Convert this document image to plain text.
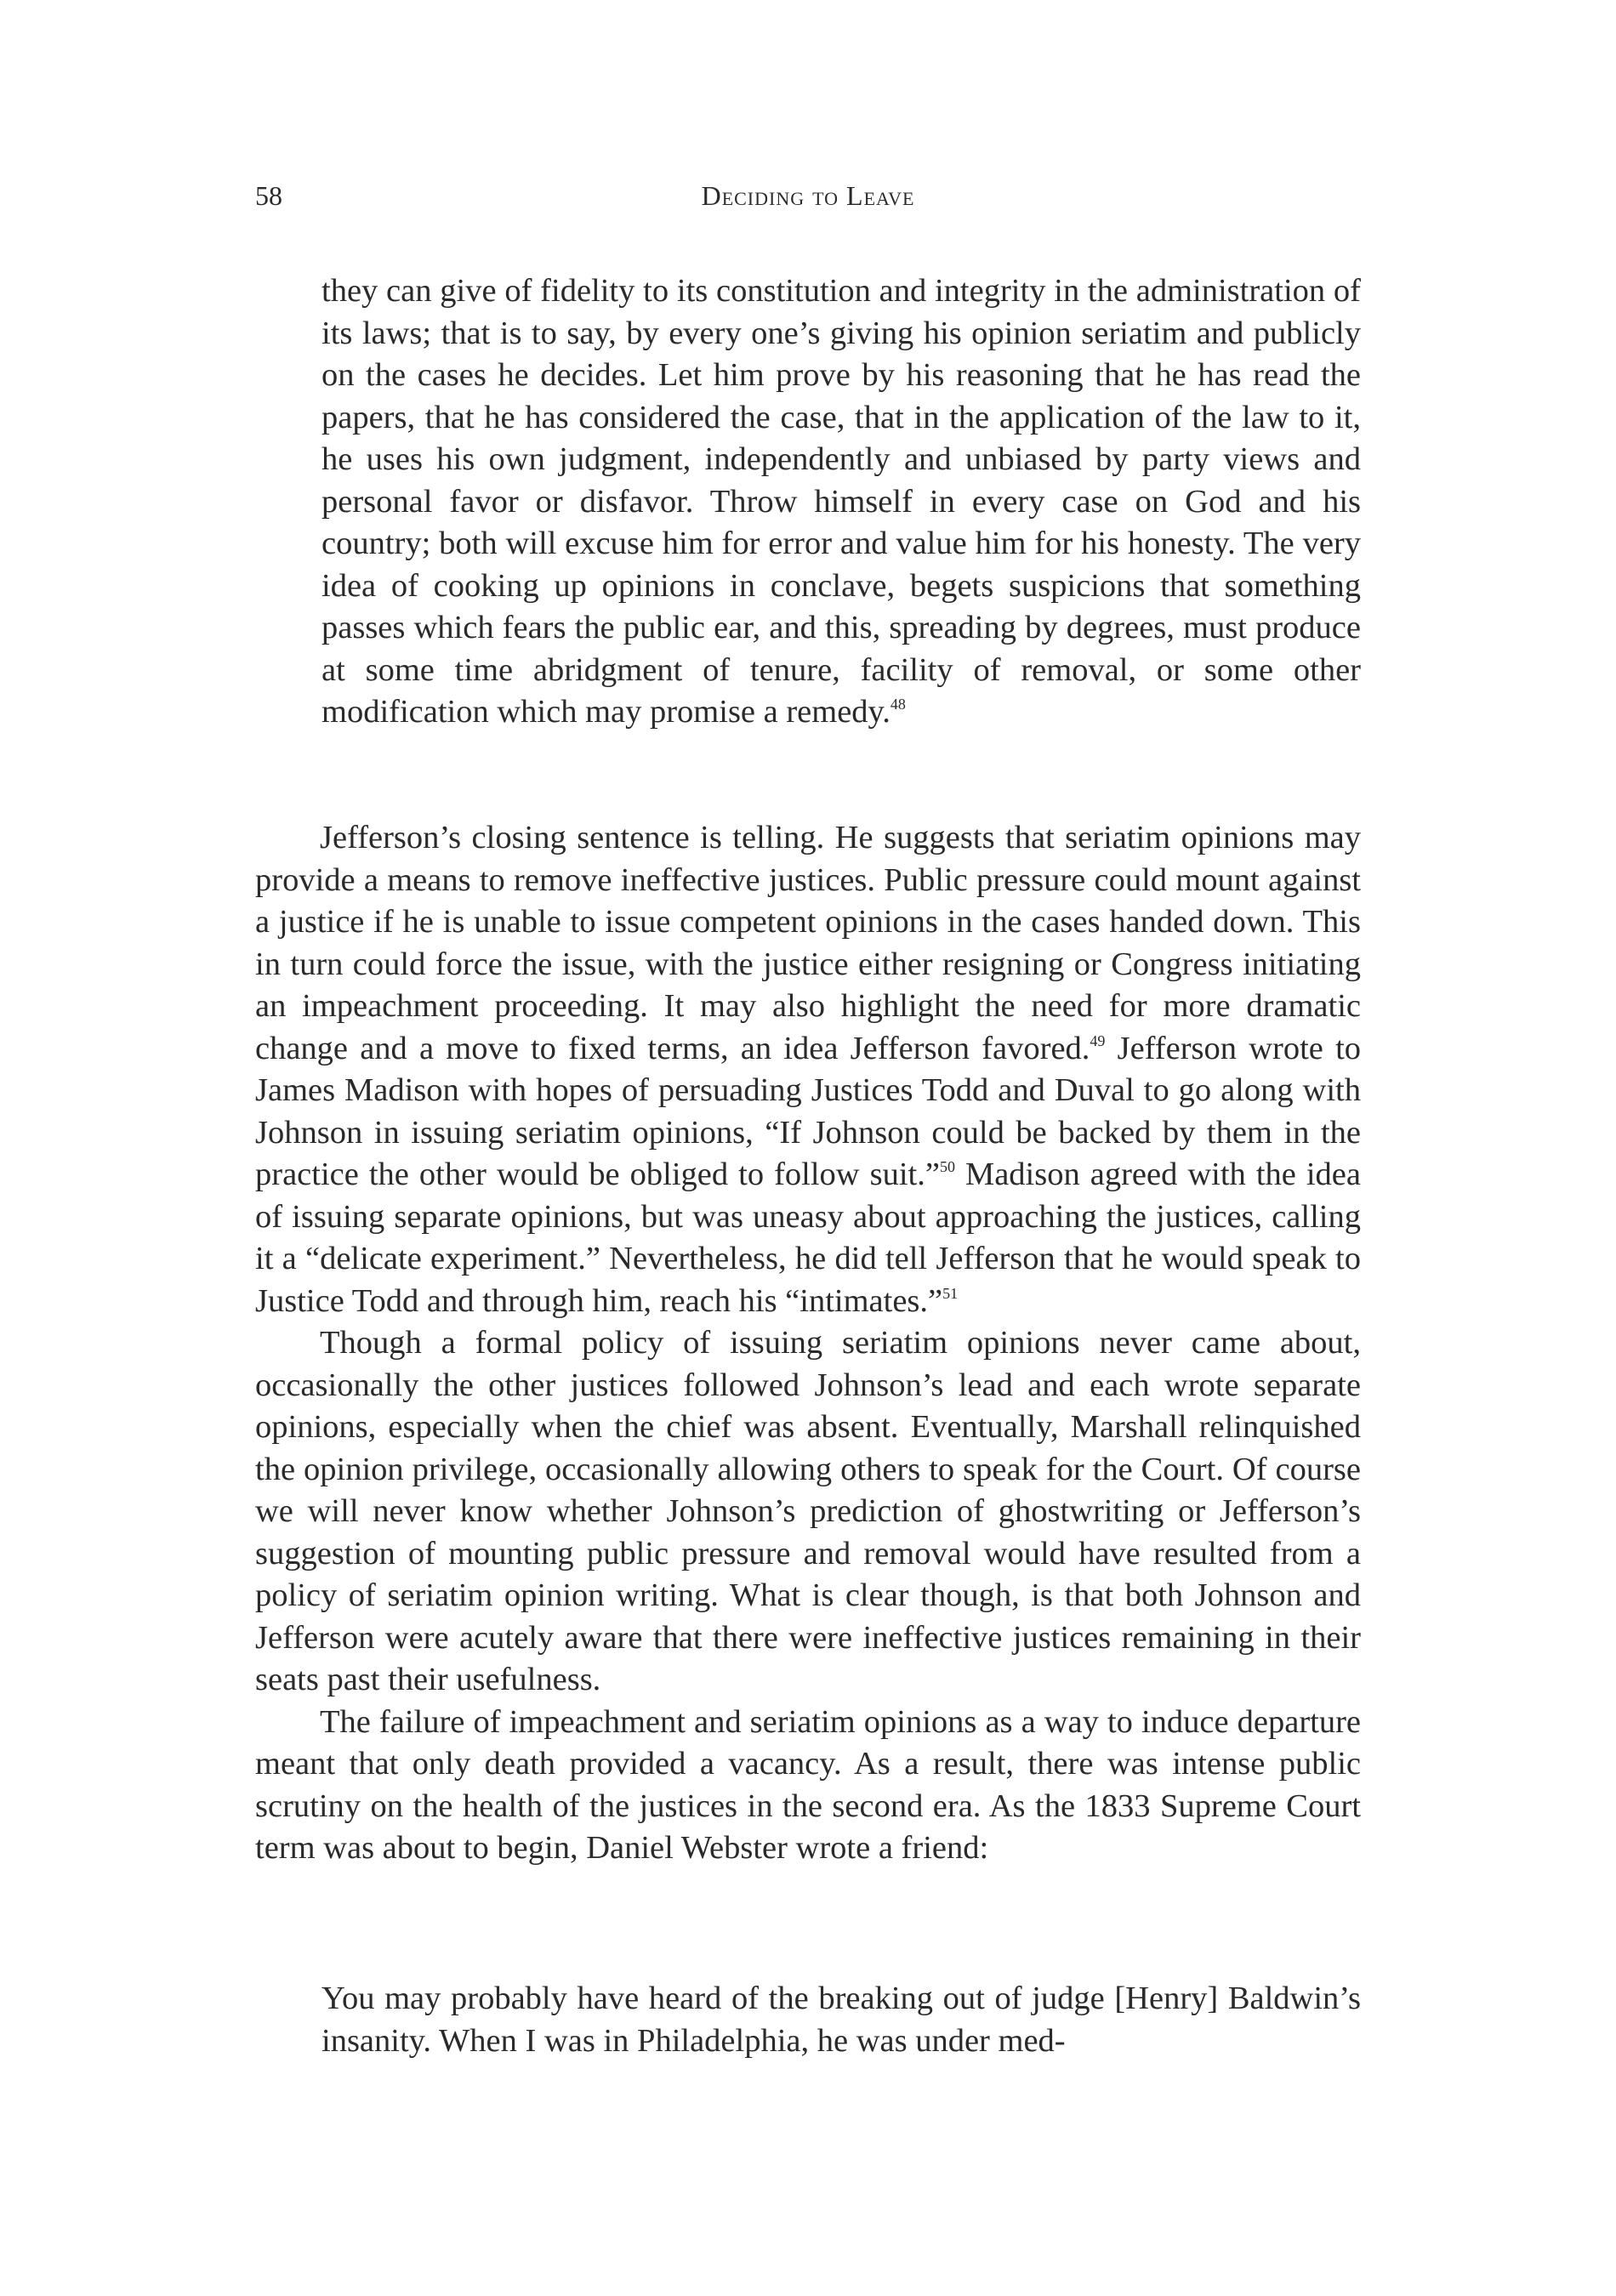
58	Deciding to Leave

they can give of fidelity to its constitution and integrity in the administration of its laws; that is to say, by every one’s giving his opinion seriatim and publicly on the cases he decides. Let him prove by his reasoning that he has read the papers, that he has considered the case, that in the application of the law to it, he uses his own judgment, independently and unbiased by party views and personal favor or disfavor. Throw himself in every case on God and his country; both will excuse him for error and value him for his honesty. The very idea of cooking up opinions in conclave, begets suspicions that something passes which fears the public ear, and this, spreading by degrees, must produce at some time abridgment of tenure, facility of removal, or some other modification which may promise a remedy.$^{48}$

Jefferson’s closing sentence is telling. He suggests that seriatim opinions may provide a means to remove ineffective justices. Public pressure could mount against a justice if he is unable to issue competent opinions in the cases handed down. This in turn could force the issue, with the justice either resigning or Congress initiating an impeachment proceeding. It may also highlight the need for more dramatic change and a move to fixed terms, an idea Jefferson favored.$^{49}$ Jefferson wrote to James Madison with hopes of persuading Justices Todd and Duval to go along with Johnson in issuing seriatim opinions, “If Johnson could be backed by them in the practice the other would be obliged to follow suit.”$^{50}$ Madison agreed with the idea of issuing separate opinions, but was uneasy about approaching the justices, calling it a “delicate experiment.” Nevertheless, he did tell Jefferson that he would speak to Justice Todd and through him, reach his “intimates.”$^{51}$

Though a formal policy of issuing seriatim opinions never came about, occasionally the other justices followed Johnson’s lead and each wrote separate opinions, especially when the chief was absent. Eventually, Marshall relinquished the opinion privilege, occasionally allowing others to speak for the Court. Of course we will never know whether Johnson’s prediction of ghostwriting or Jefferson’s suggestion of mounting public pressure and removal would have resulted from a policy of seriatim opinion writing. What is clear though, is that both Johnson and Jefferson were acutely aware that there were ineffective justices remaining in their seats past their usefulness.

The failure of impeachment and seriatim opinions as a way to induce departure meant that only death provided a vacancy. As a result, there was intense public scrutiny on the health of the justices in the second era. As the 1833 Supreme Court term was about to begin, Daniel Webster wrote a friend:

You may probably have heard of the breaking out of judge [Henry] Baldwin’s insanity. When I was in Philadelphia, he was under med-
